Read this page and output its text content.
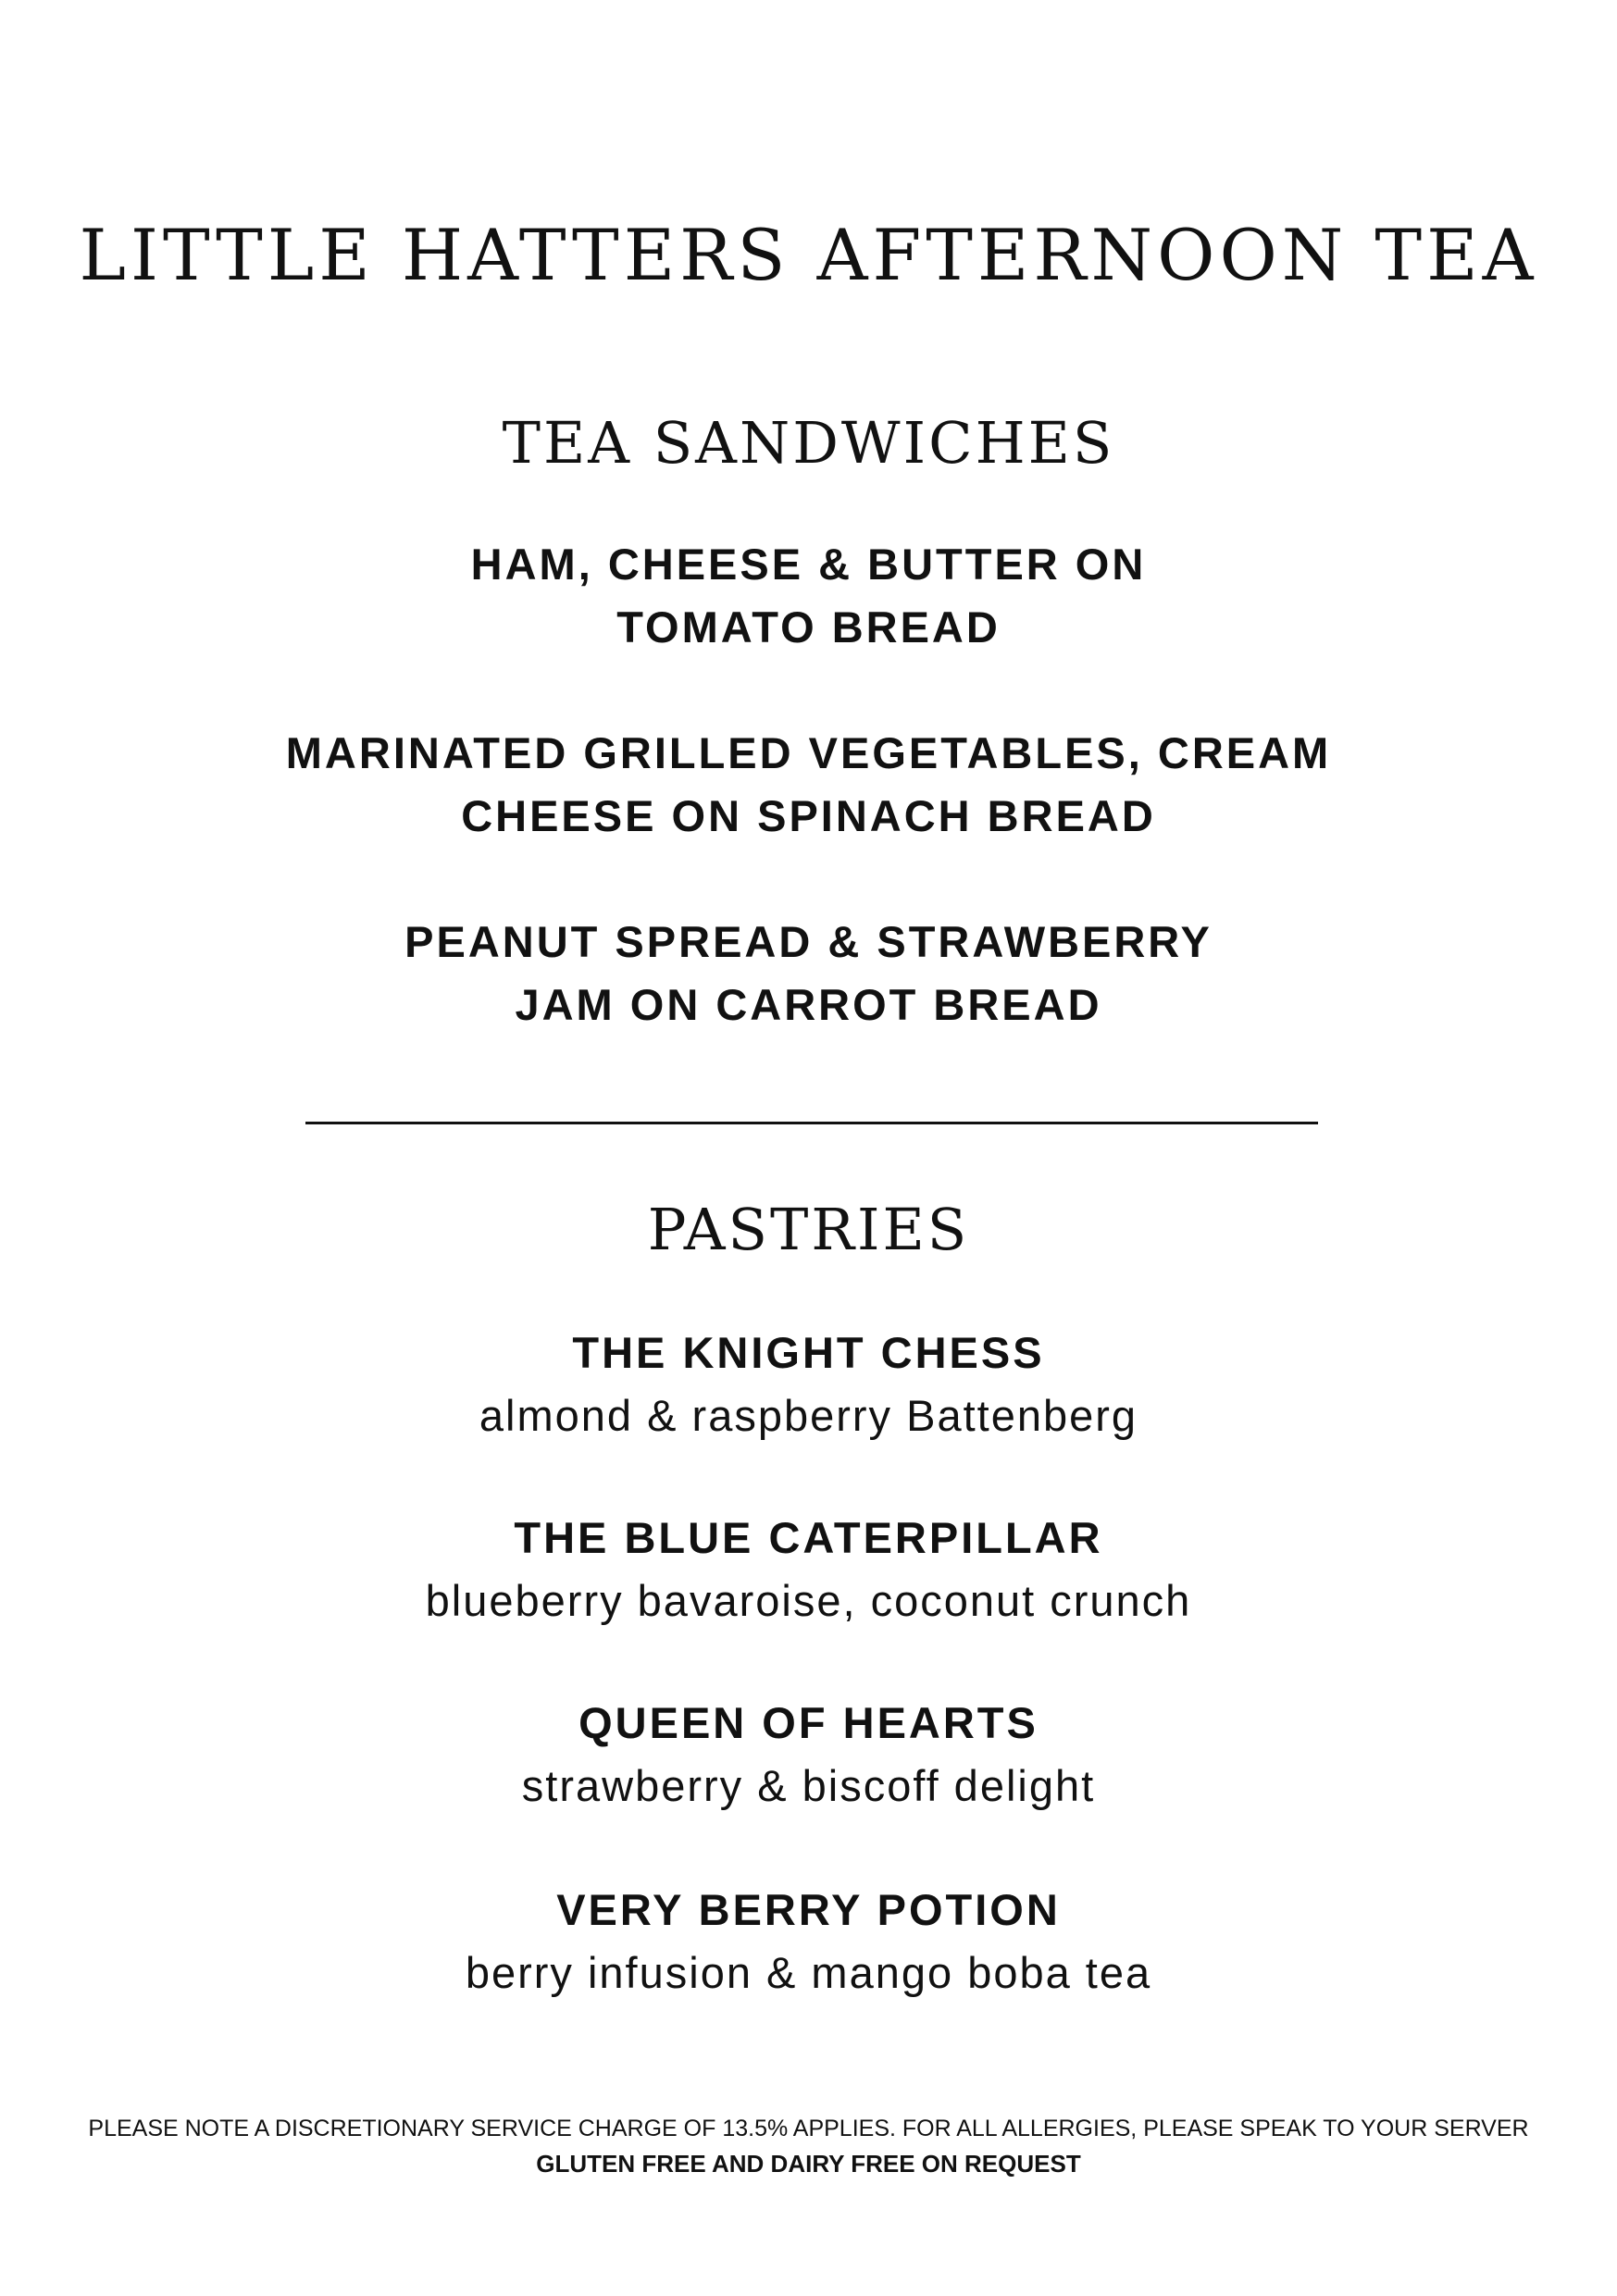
LITTLE HATTERS AFTERNOON TEA
TEA SANDWICHES
HAM, CHEESE & BUTTER ON
TOMATO BREAD
MARINATED GRILLED VEGETABLES, CREAM
CHEESE ON SPINACH BREAD
PEANUT SPREAD & STRAWBERRY
JAM ON CARROT BREAD
PASTRIES
THE KNIGHT CHESS
almond & raspberry Battenberg
THE BLUE CATERPILLAR
blueberry bavaroise, coconut crunch
QUEEN OF HEARTS
strawberry & biscoff delight
VERY BERRY POTION
berry infusion & mango boba tea
PLEASE NOTE A DISCRETIONARY SERVICE CHARGE OF 13.5% APPLIES. FOR ALL ALLERGIES, PLEASE SPEAK TO YOUR SERVER
GLUTEN FREE AND DAIRY FREE ON REQUEST
